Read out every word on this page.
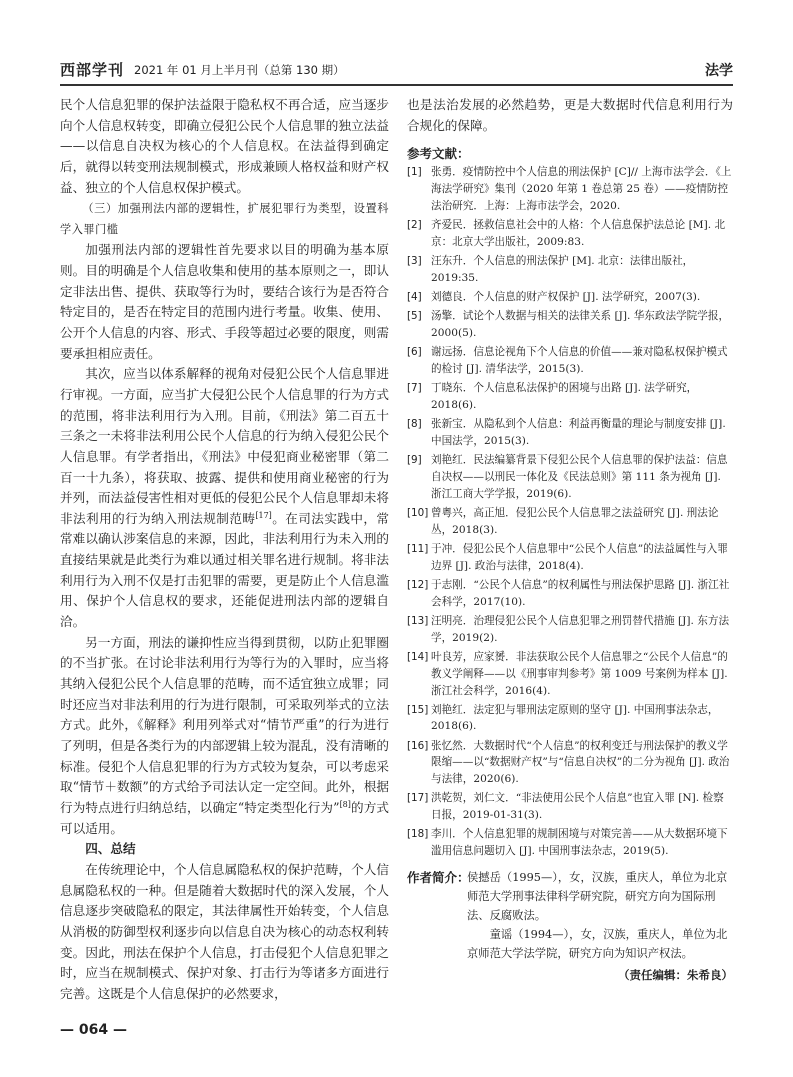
西部学刊 2021 年 01 月上半月刊（总第 130 期）	法学

民个人信息犯罪的保护法益限于隐私权不再合适，应当逐步向个人信息权转变，即确立侵犯公民个人信息罪的独立法益——以信息自决权为核心的个人信息权。在法益得到确定后，就得以转变刑法规制模式，形成兼顾人格权益和财产权益、独立的个人信息权保护模式。

（三）加强刑法内部的逻辑性，扩展犯罪行为类型，设置科学入罪门槛

加强刑法内部的逻辑性首先要求以目的明确为基本原则。目的明确是个人信息收集和使用的基本原则之一，即认定非法出售、提供、获取等行为时，要结合该行为是否符合特定目的，是否在特定目的范围内进行考量。收集、使用、公开个人信息的内容、形式、手段等超过必要的限度，则需要承担相应责任。

其次，应当以体系解释的视角对侵犯公民个人信息罪进行审视。一方面，应当扩大侵犯公民个人信息罪的行为方式的范围，将非法利用行为入刑。目前，《刑法》第二百五十三条之一未将非法利用公民个人信息的行为纳入侵犯公民个人信息罪。有学者指出，《刑法》中侵犯商业秘密罪（第二百一十九条），将获取、披露、提供和使用商业秘密的行为并列，而法益侵害性相对更低的侵犯公民个人信息罪却未将非法利用的行为纳入刑法规制范畴[17]。在司法实践中，常常难以确认涉案信息的来源，因此，非法利用行为未入刑的直接结果就是此类行为难以通过相关罪名进行规制。将非法利用行为入刑不仅是打击犯罪的需要，更是防止个人信息滥用、保护个人信息权的要求，还能促进刑法内部的逻辑自洽。

另一方面，刑法的谦抑性应当得到贯彻，以防止犯罪圈的不当扩张。在讨论非法利用行为等行为的入罪时，应当将其纳入侵犯公民个人信息罪的范畴，而不适宜独立成罪；同时还应当对非法利用的行为进行限制，可采取列举式的立法方式。此外，《解释》利用列举式对“情节严重”的行为进行了列明，但是各类行为的内部逻辑上较为混乱，没有清晰的标准。侵犯个人信息犯罪的行为方式较为复杂，可以考虑采取“情节＋数额”的方式给予司法认定一定空间。此外，根据行为特点进行归纳总结，以确定“特定类型化行为”[8]的方式可以适用。

四、总结

在传统理论中，个人信息属隐私权的保护范畴，个人信息属隐私权的一种。但是随着大数据时代的深入发展，个人信息逐步突破隐私的限定，其法律属性开始转变，个人信息从消极的防御型权利逐步向以信息自决为核心的动态权利转变。因此，刑法在保护个人信息，打击侵犯个人信息犯罪之时，应当在规制模式、保护对象、打击行为等诸多方面进行完善。这既是个人信息保护的必然要求，

也是法治发展的必然趋势，更是大数据时代信息利用行为合规化的保障。

参考文献：
[1] 张勇．疫情防控中个人信息的刑法保护 [C]// 上海市法学会．《上海法学研究》集刊（2020 年第 1 卷总第 25 卷）——疫情防控法治研究．上海：上海市法学会，2020.
[2] 齐爱民．拯救信息社会中的人格：个人信息保护法总论 [M]. 北京：北京大学出版社，2009:83.
[3] 汪东升．个人信息的刑法保护 [M]. 北京：法律出版社，2019:35.
[4] 刘德良．个人信息的财产权保护 [J]. 法学研究，2007(3).
[5] 汤擎．试论个人数据与相关的法律关系 [J]. 华东政法学院学报，2000(5).
[6] 谢远扬．信息论视角下个人信息的价值——兼对隐私权保护模式的检讨 [J]. 清华法学，2015(3).
[7] 丁晓东．个人信息私法保护的困境与出路 [J]. 法学研究，2018(6).
[8] 张新宝．从隐私到个人信息：利益再衡量的理论与制度安排 [J]. 中国法学，2015(3).
[9] 刘艳红．民法编纂背景下侵犯公民个人信息罪的保护法益：信息自决权——以刑民一体化及《民法总则》第 111 条为视角 [J]. 浙江工商大学学报，2019(6).
[10] 曾粤兴，高正旭．侵犯公民个人信息罪之法益研究 [J]. 刑法论丛，2018(3).
[11] 于冲．侵犯公民个人信息罪中“公民个人信息”的法益属性与入罪边界 [J]. 政治与法律，2018(4).
[12] 于志刚．“公民个人信息”的权利属性与刑法保护思路 [J]. 浙江社会科学，2017(10).
[13] 汪明亮．治理侵犯公民个人信息犯罪之刑罚替代措施 [J]. 东方法学，2019(2).
[14] 叶良芳，应家赟．非法获取公民个人信息罪之“公民个人信息”的教义学阐释——以《刑事审判参考》第 1009 号案例为样本 [J]. 浙江社会科学，2016(4).
[15] 刘艳红．法定犯与罪刑法定原则的坚守 [J]. 中国刑事法杂志，2018(6).
[16] 张忆然．大数据时代“个人信息”的权利变迁与刑法保护的教义学限缩——以“数据财产权”与“信息自决权”的二分为视角 [J]. 政治与法律，2020(6).
[17] 洪乾贺，刘仁文．“非法使用公民个人信息”也宜入罪 [N]. 检察日报，2019-01-31(3).
[18] 李川．个人信息犯罪的规制困境与对策完善——从大数据环境下滥用信息问题切入 [J]. 中国刑事法杂志，2019(5).
作者简介：

侯撼岳（1995—），女，汉族，重庆人，单位为北京师范大学刑事法律科学研究院，研究方向为国际刑法、反腐败法。

童谣（1994—），女，汉族，重庆人，单位为北京师范大学法学院，研究方向为知识产权法。

（责任编辑：朱希良）
— 064 —
